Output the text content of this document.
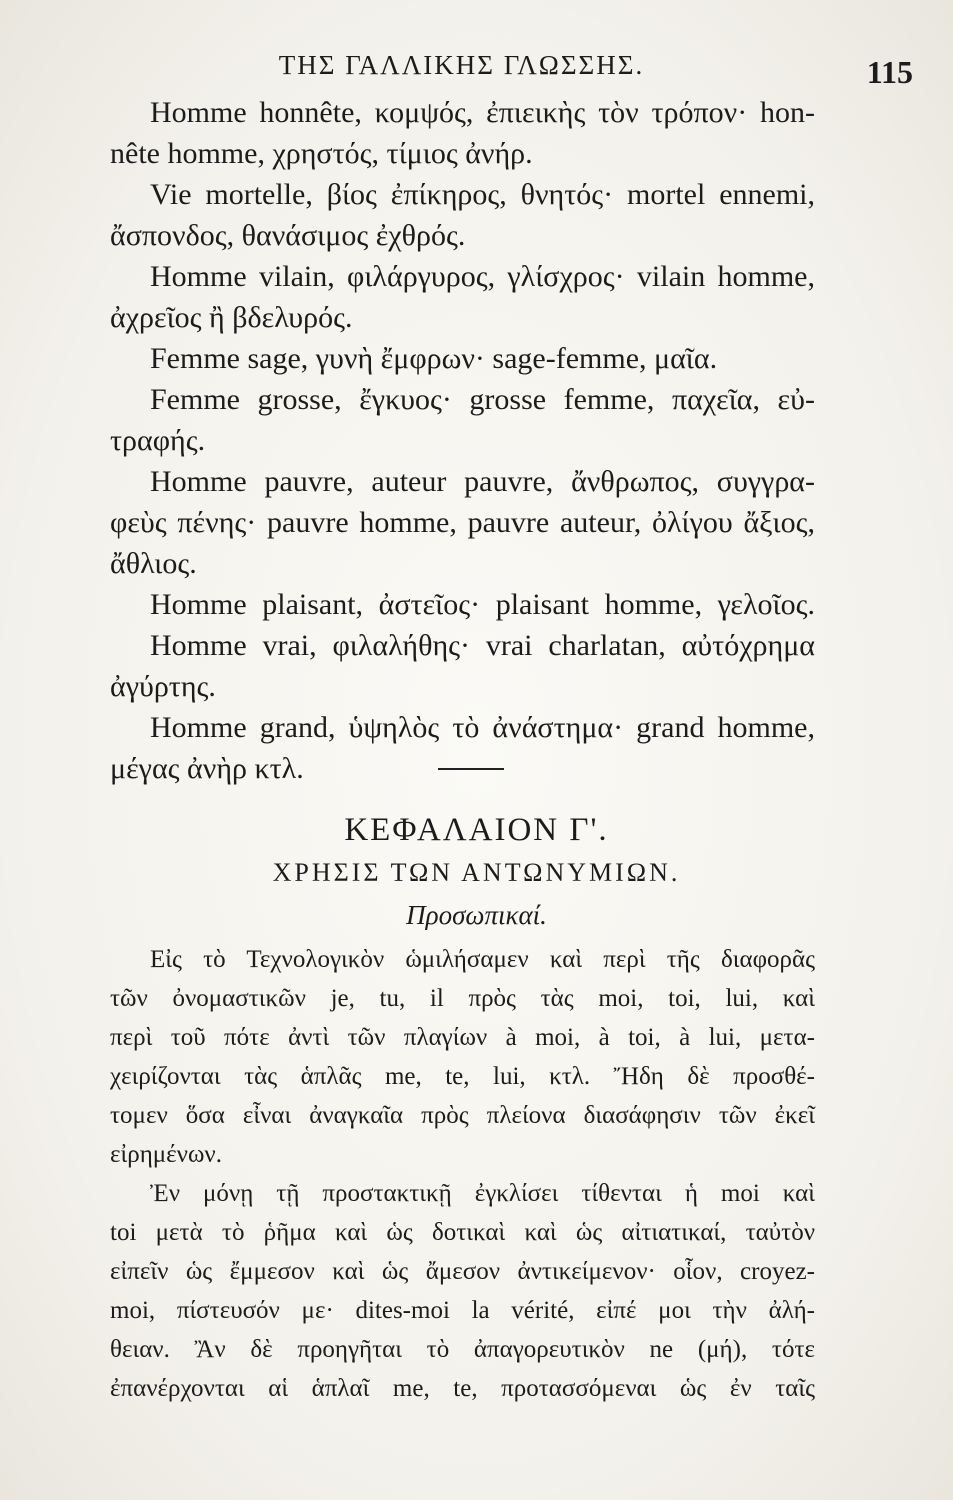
ΤΗΣ ΓΑΛΛΙΚΗΣ ΓΛΩΣΣΗΣ.	115
Homme honnête, κομψός, ἐπιεικὴς τὸν τρόπον· hon-
nête homme, χρηστός, τίμιος ἀνήρ.
Vie mortelle, βίος ἐπίκηρος, θνητός· mortel ennemi,
ἄσπονδος, θανάσιμος ἐχθρός.
Homme vilain, φιλάργυρος, γλίσχρος· vilain homme,
ἀχρεῖος ἢ βδελυρός.
Femme sage, γυνὴ ἔμφρων· sage-femme, μαῖα.
Femme grosse, ἔγκυος· grosse femme, παχεῖα, εὐ-
τραφής.
Homme pauvre, auteur pauvre, ἄνθρωπος, συγγρα-
φεὺς πένης· pauvre homme, pauvre auteur, ὀλίγου ἄξιος,
ἄθλιος.
Homme plaisant, ἀστεῖος· plaisant homme, γελοῖος.
Homme vrai, φιλαλήθης· vrai charlatan, αὐτόχρημα
ἀγύρτης.
Homme grand, ὑψηλὸς τὸ ἀνάστημα· grand homme,
μέγας ἀνὴρ κτλ.
ΚΕΦΑΛΑΙΟΝ Γ'.
ΧΡΗΣΙΣ ΤΩΝ ΑΝΤΩΝΥΜΙΩΝ.
Προσωπικαί.
Εἰς τὸ Τεχνολογικὸν ὡμιλήσαμεν καὶ περὶ τῆς διαφορᾶς
τῶν ὀνομαστικῶν je, tu, il πρὸς τὰς moi, toi, lui, καὶ
περὶ τοῦ πότε ἀντὶ τῶν πλαγίων à moi, à toi, à lui, μετα-
χειρίζονται τὰς ἁπλᾶς me, te, lui, κτλ. Ἤδη δὲ προσθέ-
τομεν ὅσα εἶναι ἀναγκαῖα πρὸς πλείονα διασάφησιν τῶν ἐκεῖ
εἰρημένων.
Ἐν μόνῃ τῇ προστακτικῇ ἐγκλίσει τίθενται ἡ moi καὶ
toi μετὰ τὸ ῥῆμα καὶ ὡς δοτικαὶ καὶ ὡς αἰτιατικαί, ταὐτὸν
εἰπεῖν ὡς ἔμμεσον καὶ ὡς ἄμεσον ἀντικείμενον· οἷον, croyez-
moi, πίστευσόν με· dites-moi la vérité, εἰπέ μοι τὴν ἀλή-
θειαν. Ἂν δὲ προηγῆται τὸ ἀπαγορευτικὸν ne (μή), τότε
ἐπανέρχονται αἱ ἁπλαῖ me, te, προτασσόμεναι ὡς ἐν ταῖς
